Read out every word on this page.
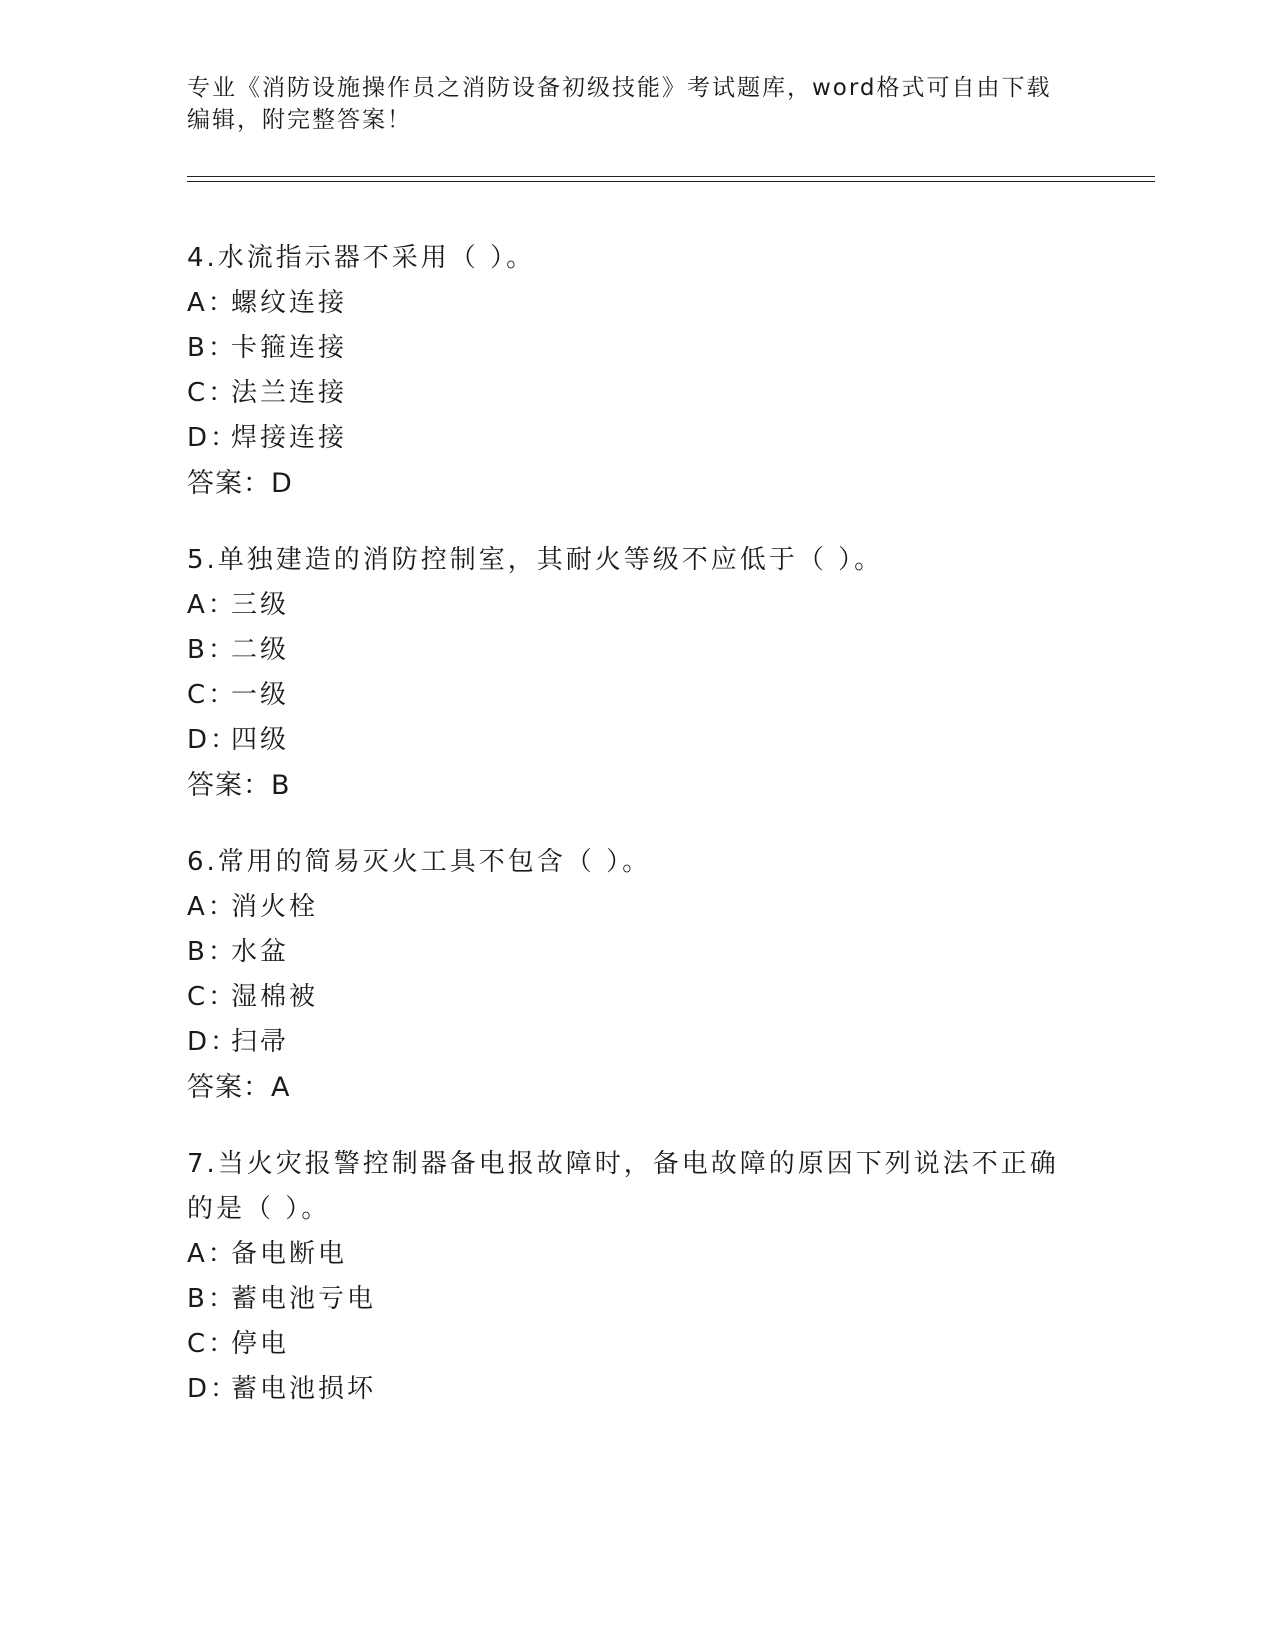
专业《消防设施操作员之消防设备初级技能》考试题库，word格式可自由下载编辑，附完整答案！
4.水流指示器不采用（ ）。
A：螺纹连接
B：卡箍连接
C：法兰连接
D：焊接连接
答案：D
5.单独建造的消防控制室，其耐火等级不应低于（ ）。
A：三级
B：二级
C：一级
D：四级
答案：B
6.常用的简易灭火工具不包含（ ）。
A：消火栓
B：水盆
C：湿棉被
D：扫帚
答案：A
7.当火灾报警控制器备电报故障时，备电故障的原因下列说法不正确的是（ ）。
A：备电断电
B：蓄电池亏电
C：停电
D：蓄电池损坏
